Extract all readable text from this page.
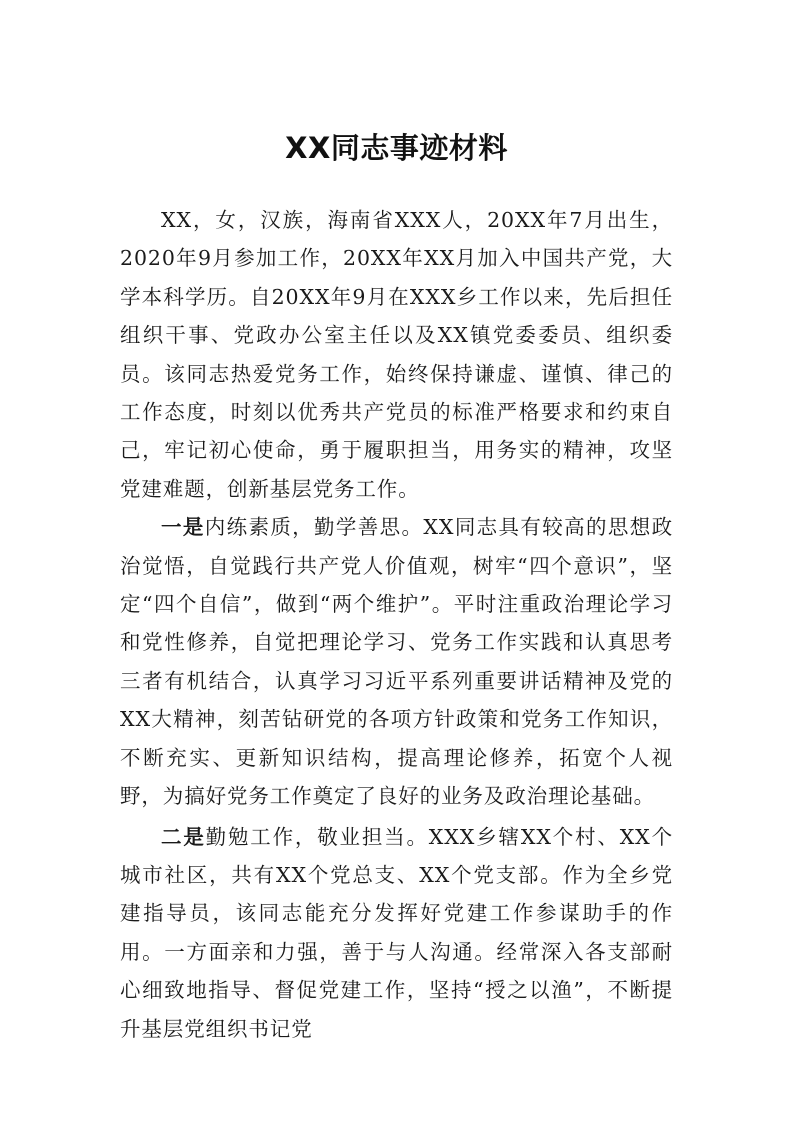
XX同志事迹材料

XX，女，汉族，海南省XXX人，20XX年7月出生，2020年9月参加工作，20XX年XX月加入中国共产党，大学本科学历。自20XX年9月在XXX乡工作以来，先后担任组织干事、党政办公室主任以及XX镇党委委员、组织委员。该同志热爱党务工作，始终保持谦虚、谨慎、律己的工作态度，时刻以优秀共产党员的标准严格要求和约束自己，牢记初心使命，勇于履职担当，用务实的精神，攻坚党建难题，创新基层党务工作。

一是内练素质，勤学善思。XX同志具有较高的思想政治觉悟，自觉践行共产党人价值观，树牢“四个意识”，坚定“四个自信”，做到“两个维护”。平时注重政治理论学习和党性修养，自觉把理论学习、党务工作实践和认真思考三者有机结合，认真学习习近平系列重要讲话精神及党的XX大精神，刻苦钻研党的各项方针政策和党务工作知识，不断充实、更新知识结构，提高理论修养，拓宽个人视野，为搞好党务工作奠定了良好的业务及政治理论基础。

二是勤勉工作，敬业担当。XXX乡辖XX个村、XX个城市社区，共有XX个党总支、XX个党支部。作为全乡党建指导员，该同志能充分发挥好党建工作参谋助手的作用。一方面亲和力强，善于与人沟通。经常深入各支部耐心细致地指导、督促党建工作，坚持“授之以渔”，不断提升基层党组织书记党
